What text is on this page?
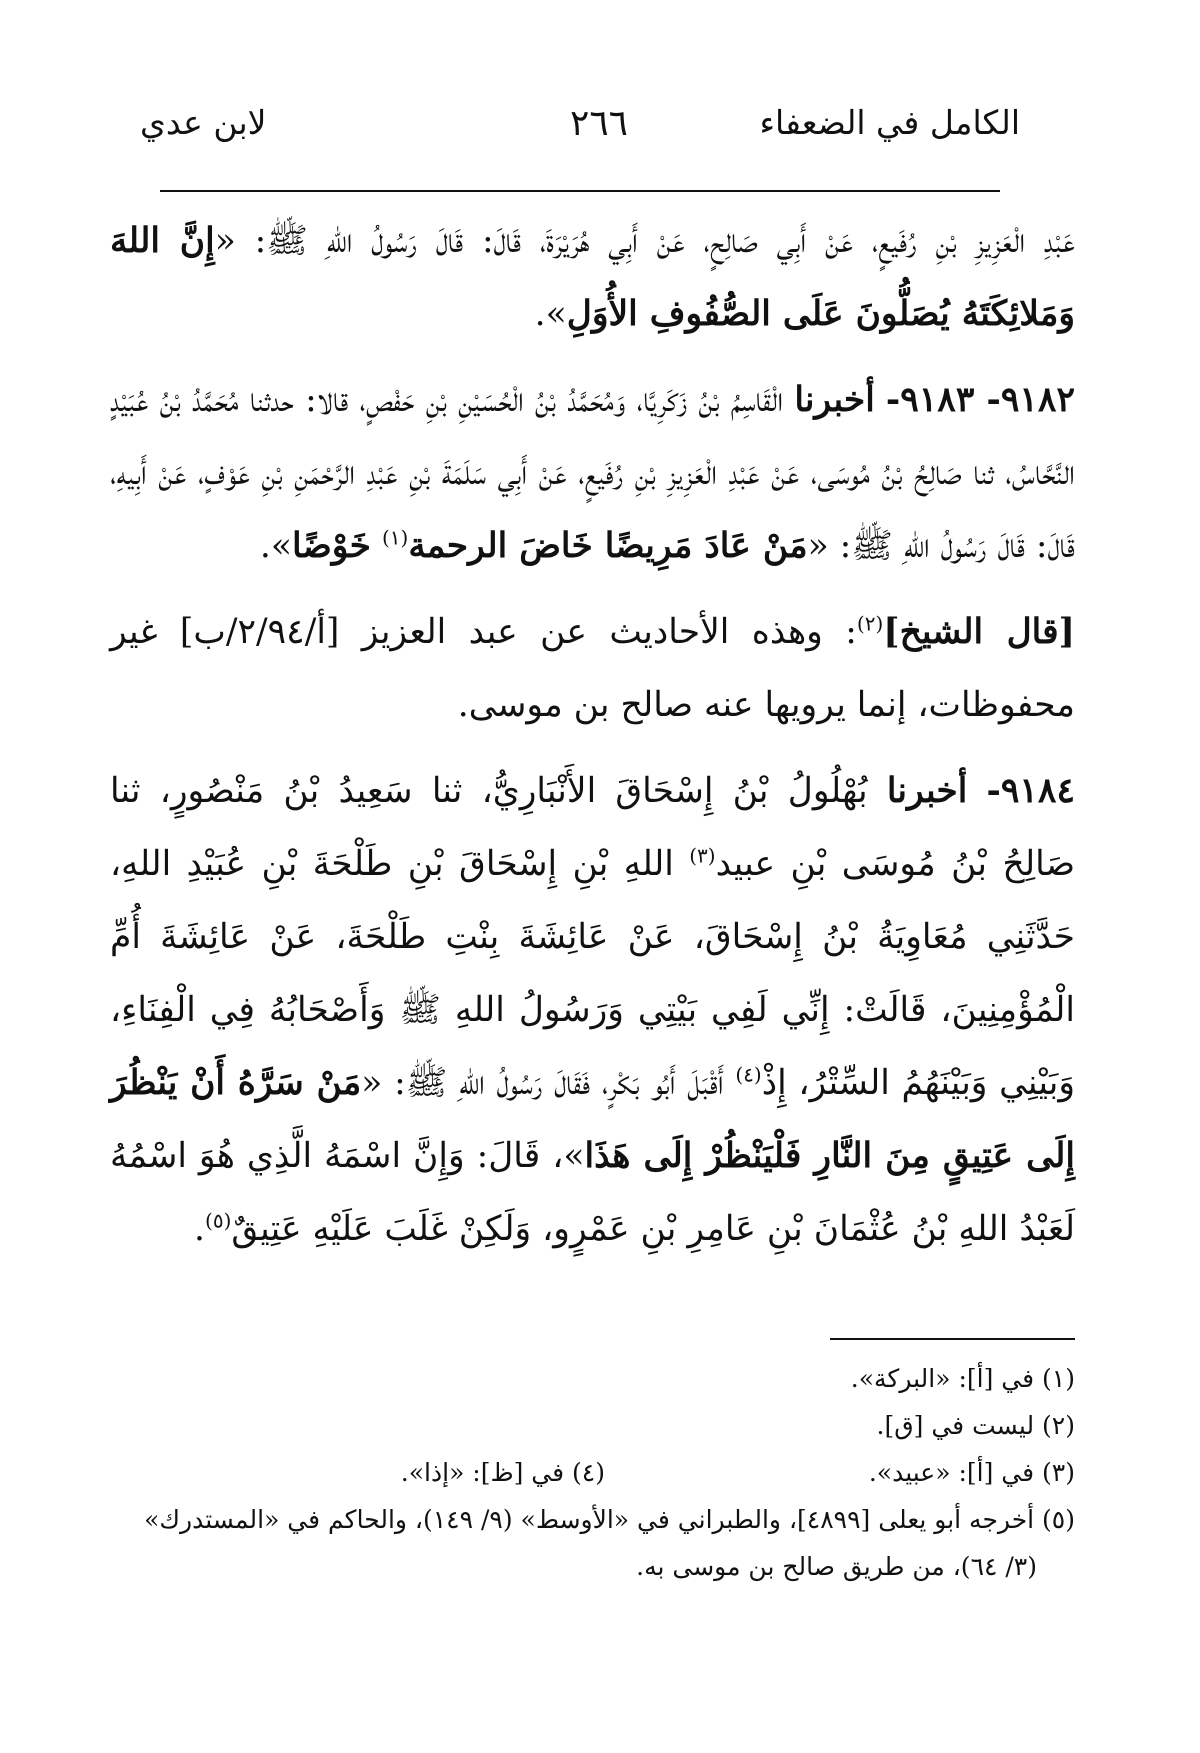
الكامل في الضعفاء
٢٦٦
لابن عدي

عَبْدِ الْعَزِيزِ بْنِ رُفَيعٍ، عَنْ أَبِي صَالِحٍ، عَنْ أَبِي هُرَيْرَةَ، قَالَ: قَالَ رَسُولُ اللهِ ﷺ: «إِنَّ اللهَ وَمَلائِكَتَهُ يُصَلُّونَ عَلَى الصُّفُوفِ الأُوَلِ».

٩١٨٢- ٩١٨٣- أخبرنا الْقَاسِمُ بْنُ زَكَرِيَّا، وَمُحَمَّدُ بْنُ الْحُسَيْنِ بْنِ حَفْصٍ، قالا: حدثنا مُحَمَّدُ بْنُ عُبَيْدٍ النَّحَّاسُ، ثنا صَالِحُ بْنُ مُوسَى، عَنْ عَبْدِ الْعَزِيزِ بْنِ رُفَيعٍ، عَنْ أَبِي سَلَمَةَ بْنِ عَبْدِ الرَّحْمَنِ بْنِ عَوْفٍ، عَنْ أَبِيهِ، قَالَ: قَالَ رَسُولُ اللهِ ﷺ: «مَنْ عَادَ مَرِيضًا خَاضَ الرحمة$^{(١)}$ خَوْضًا».

[قال الشيخ]$^{(٢)}$: وهذه الأحاديث عن عبد العزيز [أ/٢/٩٤/ب] غير محفوظات، إنما يرويها عنه صالح بن موسى.

٩١٨٤- أخبرنا بُهْلُولُ بْنُ إِسْحَاقَ الأَنْبَارِيُّ، ثنا سَعِيدُ بْنُ مَنْصُورٍ، ثنا صَالِحُ بْنُ مُوسَى بْنِ عبيد$^{(٣)}$ اللهِ بْنِ إِسْحَاقَ بْنِ طَلْحَةَ بْنِ عُبَيْدِ اللهِ، حَدَّثَنِي مُعَاوِيَةُ بْنُ إِسْحَاقَ، عَنْ عَائِشَةَ بِنْتِ طَلْحَةَ، عَنْ عَائِشَةَ أُمِّ الْمُؤْمِنِينَ، قَالَتْ: إِنِّي لَفِي بَيْتِي وَرَسُولُ اللهِ ﷺ وَأَصْحَابُهُ فِي الْفِنَاءِ، وَبَيْنِي وَبَيْنَهُمُ السِّتْرُ، إِذْ$^{(٤)}$ أَقْبَلَ أَبُو بَكْرٍ، فَقَالَ رَسُولُ اللهِ ﷺ: «مَنْ سَرَّهُ أَنْ يَنْظُرَ إِلَى عَتِيقٍ مِنَ النَّارِ فَلْيَنْظُرْ إِلَى هَذَا»، قَالَ: وَإِنَّ اسْمَهُ الَّذِي هُوَ اسْمُهُ لَعَبْدُ اللهِ بْنُ عُثْمَانَ بْنِ عَامِرِ بْنِ عَمْرٍو، وَلَكِنْ غَلَبَ عَلَيْهِ عَتِيقٌ$^{(٥)}$.

(١) في [أ]: «البركة».

(٢) ليست في [ق].

(٣) في [أ]: «عبيد».
(٤) في [ظ]: «إذا».

(٥) أخرجه أبو يعلى [٤٨٩٩]، والطبراني في «الأوسط» (٩/ ١٤٩)، والحاكم في «المستدرك»

(٣/ ٦٤)، من طريق صالح بن موسى به.
